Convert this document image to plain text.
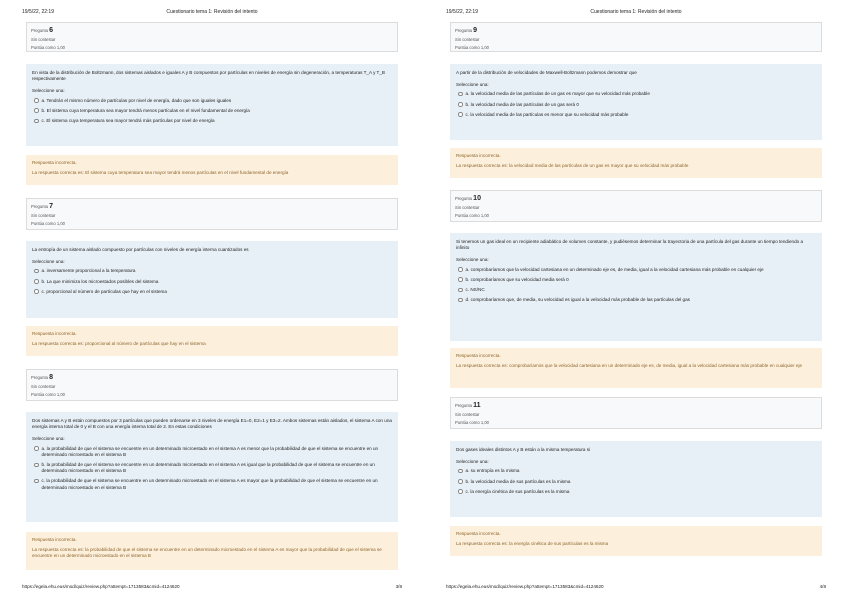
19/5/22, 22:19	Cuestionario tema 1: Revisión del intento
Pregunta 6
Sin contestar
Puntúa como 1,00
En vista de la distribución de Boltzmann, dos sistemas aislados e iguales A y B compuestos por partículas en niveles de energía sin degeneración, a temperaturas T_A y T_B respectivamente
Seleccione una:
a. Tendrán el mismo número de partículas por nivel de energía, dado que son iguales iguales
b. El sistema cuya temperatura sea mayor tendrá menos partículas en el nivel fundamental de energía
c. El sistema cuya temperatura sea mayor tendrá más partículas por nivel de energía
Respuesta incorrecta.
La respuesta correcta es: El sistema cuya temperatura sea mayor tendrá menos partículas en el nivel fundamental de energía
Pregunta 7
Sin contestar
Puntúa como 1,00
La entropía de un sistema aislado compuesto por partículas con niveles de energía interna cuantizados es
Seleccione una:
a. inversamente proporcional a la temperatura
b. La que minimiza los microestados posibles del sistema
c. proporcional al número de partículas que hay en el sistema
Respuesta incorrecta.
La respuesta correcta es: proporcional al número de partículas que hay en el sistema
Pregunta 8
Sin contestar
Puntúa como 1,00
Dos sistemas A y B están compuestos por 3 partículas que pueden ordenarse en 3 niveles de energía E1=0, E2=1 y E3=2. Ambos sistemas están aislados, el sistema A con una energía interna total de 0 y el B con una energía interna total de 2. En estas condiciones
Seleccione una:
a. la probabilidad de que el sistema se encuentre en un determinado microestado en el sistema A es menor que la probabilidad de que el sistema se encuentre en un determinado microestado en el sistema B
b. la probabilidad de que el sistema se encuentre en un determinado microestado en el sistema A es igual que la probabilidad de que el sistema se encuentre en un determinado microestado en el sistema B
c. la probabilidad de que el sistema se encuentre en un determinado microestado en el sistema A es mayor que la probabilidad de que el sistema se encuentre en un determinado microestado en el sistema B
Respuesta incorrecta.
La respuesta correcta es: la probabilidad de que el sistema se encuentre en un determinado microestado en el sistema A es mayor que la probabilidad de que el sistema se encuentre en un determinado microestado en el sistema B
https://egela.ehu.eus/mod/quiz/review.php?attempt=1713583&cmid=4124620	3/8
19/5/22, 22:19	Cuestionario tema 1: Revisión del intento
Pregunta 9
Sin contestar
Puntúa como 1,00
A partir de la distribución de velocidades de Maxwell-Boltzmann podemos demostrar que
Seleccione una:
a. la velocidad media de las partículas de un gas es mayor que su velocidad más probable
b. la velocidad media de las partículas de un gas será 0
c. la velocidad media de las partículas es menor que su velocidad más probable
Respuesta incorrecta.
La respuesta correcta es: la velocidad media de las partículas de un gas es mayor que su velocidad más probable
Pregunta 10
Sin contestar
Puntúa como 1,00
Si tenemos un gas ideal en un recipiente adiabático de volumen constante, y pudiésemos determinar la trayectoria de una partícula del gas durante un tiempo tendiendo a infinito
Seleccione una:
a. comprobaríamos que la velocidad cartesiana en un determinado eje es, de media, igual a la velocidad cartesiana más probable en cualquier eje
b. comprobaríamos que su velocidad media será 0
c. NS/NC
d. comprobaríamos que, de media, su velocidad es igual a la velocidad más probable de las partículas del gas
Respuesta incorrecta.
La respuesta correcta es: comprobaríamos que la velocidad cartesiana en un determinado eje es, de media, igual a la velocidad cartesiana más probable en cualquier eje
Pregunta 11
Sin contestar
Puntúa como 1,00
Dos gases ideales distintos A y B están a la misma temperatura si
Seleccione una:
a. su entropía es la misma
b. la velocidad media de sus partículas es la misma
c. la energía cinética de sus partículas es la misma
Respuesta incorrecta.
La respuesta correcta es: la energía cinética de sus partículas es la misma
https://egela.ehu.eus/mod/quiz/review.php?attempt=1713583&cmid=4124620	4/8
